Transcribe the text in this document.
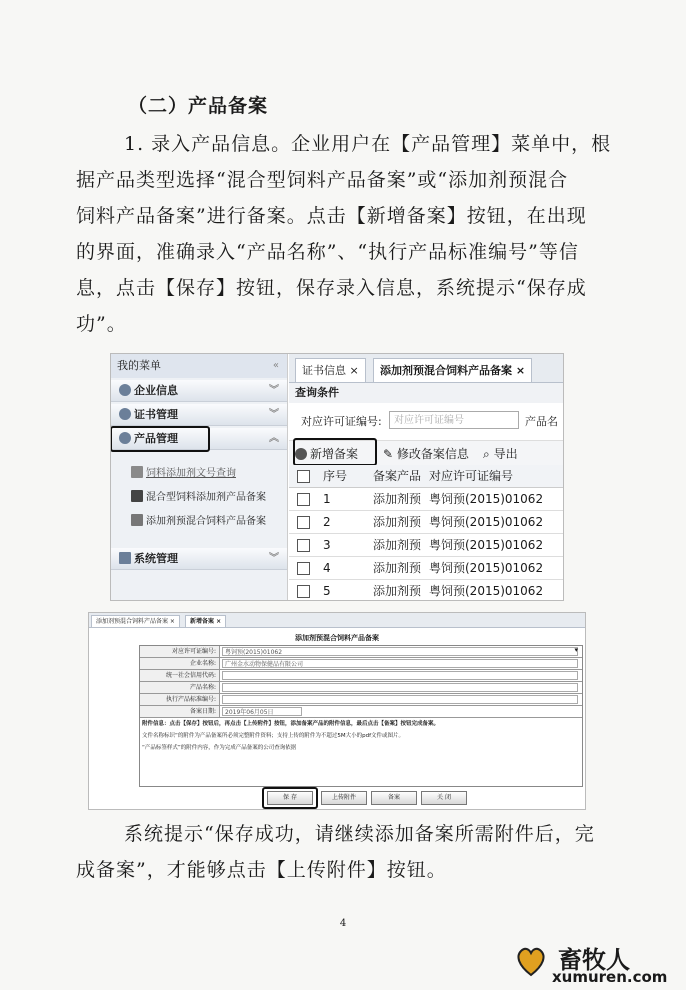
（二）产品备案
1. 录入产品信息。企业用户在【产品管理】菜单中，根
据产品类型选择“混合型饲料产品备案”或“添加剂预混合
饲料产品备案”进行备案。点击【新增备案】按钮，在出现
的界面，准确录入“产品名称”、“执行产品标准编号”等信
息，点击【保存】按钮，保存录入信息，系统提示“保存成
功”。
我的菜单	«
企业信息	︾
证书管理	︾
产品管理	︽
饲料添加剂文号查询
混合型饲料添加剂产品备案
添加剂预混合饲料产品备案
系统管理	︾
证书信息 ×	添加剂预混合饲料产品备案 ×
查询条件
对应许可证编号:	对应许可证编号	产品名
新增备案 ✎ 修改备案信息 ⌕ 导出
序号 备案产品 对应许可证编号
1	添加剂预 粤饲预(2015)01062
2	添加剂预 粤饲预(2015)01062
3	添加剂预 粤饲预(2015)01062
4	添加剂预 粤饲预(2015)01062
5	添加剂预 粤饲预(2015)01062
添加剂预混合饲料产品备案 ×	新增备案 ×
添加剂预混合饲料产品备案
对应许可证编号:	粤饲预(2015)01062	▾
企业名称:	广州金水动物保健品有限公司
统一社会信用代码:
产品名称:
执行产品标准编号:
备案日期:	2019年06月05日
附件信息：点击【保存】按钮后，再点击【上传附件】按钮，添加备案产品的附件信息，最后点击【备案】按钮完成备案。
文件名称标识“的附件为产品备案所必须完整附件资料；支持上传的附件为不超过5M大小的pdf文件或图片。
“产品标签样式”的附件内容，作为完成产品备案的公司查询依据
保 存	上传附件	备案	关 闭
系统提示“保存成功，请继续添加备案所需附件后，完
成备案”，才能够点击【上传附件】按钮。
4
畜牧人
xumuren.com
